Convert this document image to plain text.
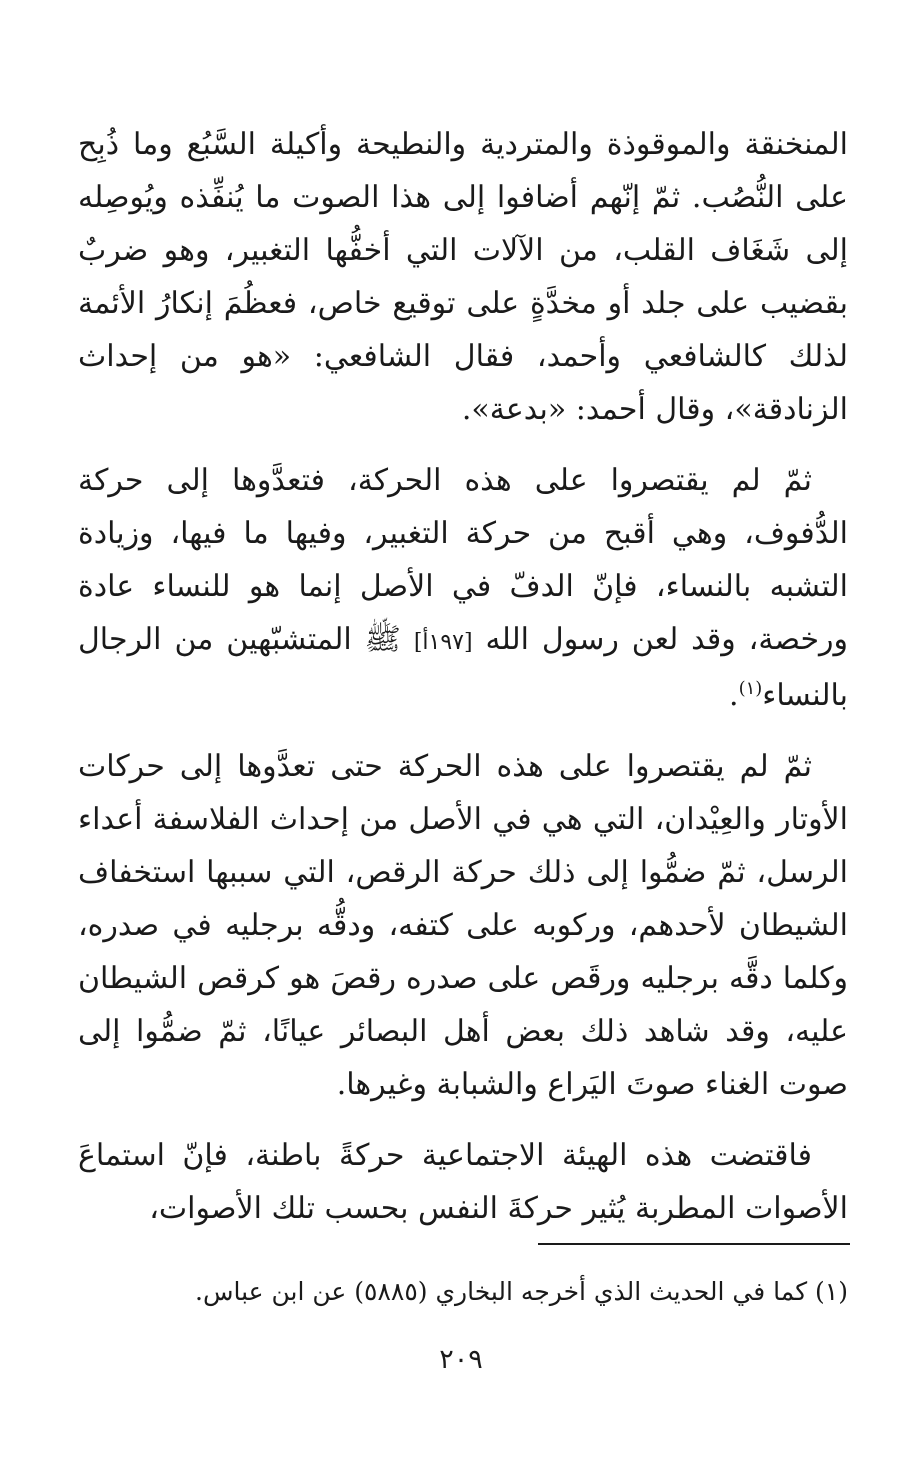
المنخنقة والموقوذة والمتردية والنطيحة وأكيلة السَّبُع وما ذُبِح على النُّصُب. ثمّ إنّهم أضافوا إلى هذا الصوت ما يُنفِّذه ويُوصِله إلى شَغَاف القلب، من الآلات التي أخفُّها التغبير، وهو ضربٌ بقضيب على جلد أو مخدَّةٍ على توقيع خاص، فعظُمَ إنكارُ الأئمة لذلك كالشافعي وأحمد، فقال الشافعي: «هو من إحداث الزنادقة»، وقال أحمد: «بدعة».

ثمّ لم يقتصروا على هذه الحركة، فتعدَّوها إلى حركة الدُّفوف، وهي أقبح من حركة التغبير، وفيها ما فيها، وزيادة التشبه بالنساء، فإنّ الدفّ في الأصل إنما هو للنساء عادة ورخصة، وقد لعن رسول الله [١٩٧أ] ﷺ المتشبّهين من الرجال بالنساء$^{(١)}$.

ثمّ لم يقتصروا على هذه الحركة حتى تعدَّوها إلى حركات الأوتار والعِيْدان، التي هي في الأصل من إحداث الفلاسفة أعداء الرسل، ثمّ ضمُّوا إلى ذلك حركة الرقص، التي سببها استخفاف الشيطان لأحدهم، وركوبه على كتفه، ودقُّه برجليه في صدره، وكلما دقَّه برجليه ورقَص على صدره رقصَ هو كرقص الشيطان عليه، وقد شاهد ذلك بعض أهل البصائر عيانًا، ثمّ ضمُّوا إلى صوت الغناء صوتَ اليَراع والشبابة وغيرها.

فاقتضت هذه الهيئة الاجتماعية حركةً باطنة، فإنّ استماعَ الأصوات المطربة يُثير حركةَ النفس بحسب تلك الأصوات،

(١) كما في الحديث الذي أخرجه البخاري (٥٨٨٥) عن ابن عباس.
٢٠٩
